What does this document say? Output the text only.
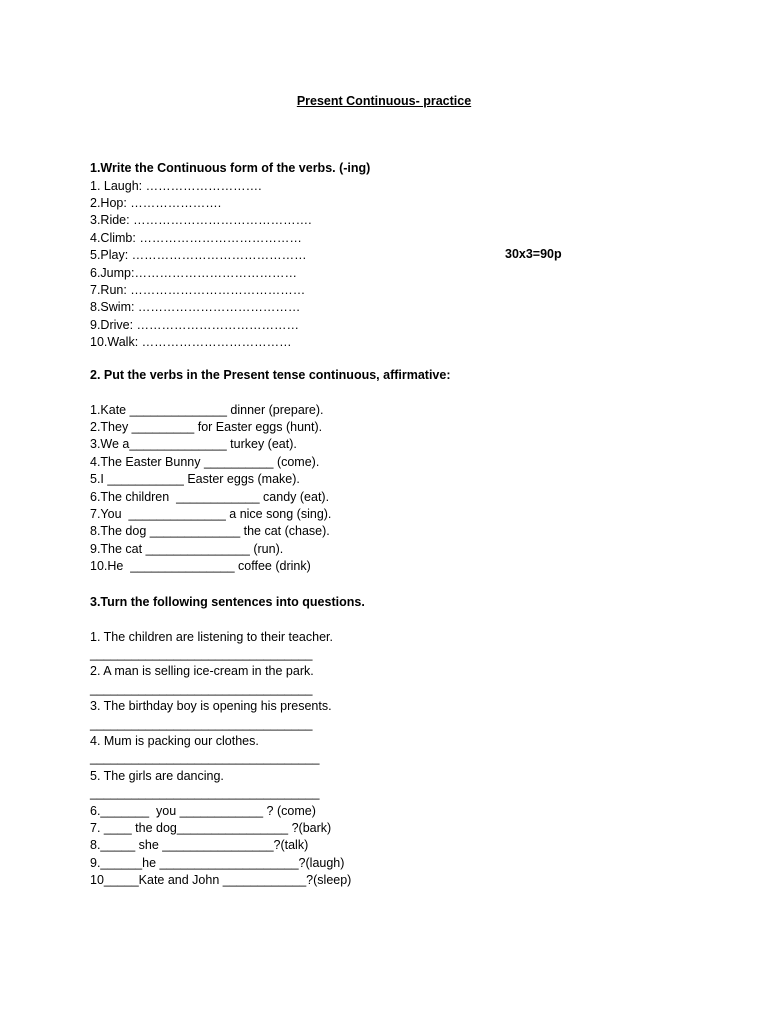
Present Continuous- practice
1.Write the Continuous form of the verbs. (-ing)
1. Laugh: ……………………….
2.Hop: ………………….
3.Ride: …………………………………….
4.Climb: …………………………………
5.Play: ……………………………………
6.Jump:…………………………………
7.Run: ……………………………………
8.Swim: …………………………………
9.Drive: …………………………………
10.Walk: ………………………………
30x3=90p
2. Put the verbs in the Present tense continuous, affirmative:
1.Kate ______________ dinner (prepare).
2.They _________ for Easter eggs (hunt).
3.We a______________ turkey (eat).
4.The Easter Bunny __________ (come).
5.I ___________ Easter eggs (make).
6.The children  ____________ candy (eat).
7.You  ______________ a nice song (sing).
8.The dog _____________ the cat (chase).
9.The cat _______________ (run).
10.He  _______________ coffee (drink)
3.Turn the following sentences into questions.
1. The children are listening to their teacher.
________________________________
2. A man is selling ice-cream in the park.
________________________________
3. The birthday boy is opening his presents.
________________________________
4. Mum is packing our clothes.
_________________________________
5. The girls are dancing.
_________________________________
6._______  you ____________ ? (come)
7. ____ the dog________________ ?(bark)
8._____ she ________________?(talk)
9.______he ____________________?(laugh)
10_____Kate and John ____________?(sleep)
